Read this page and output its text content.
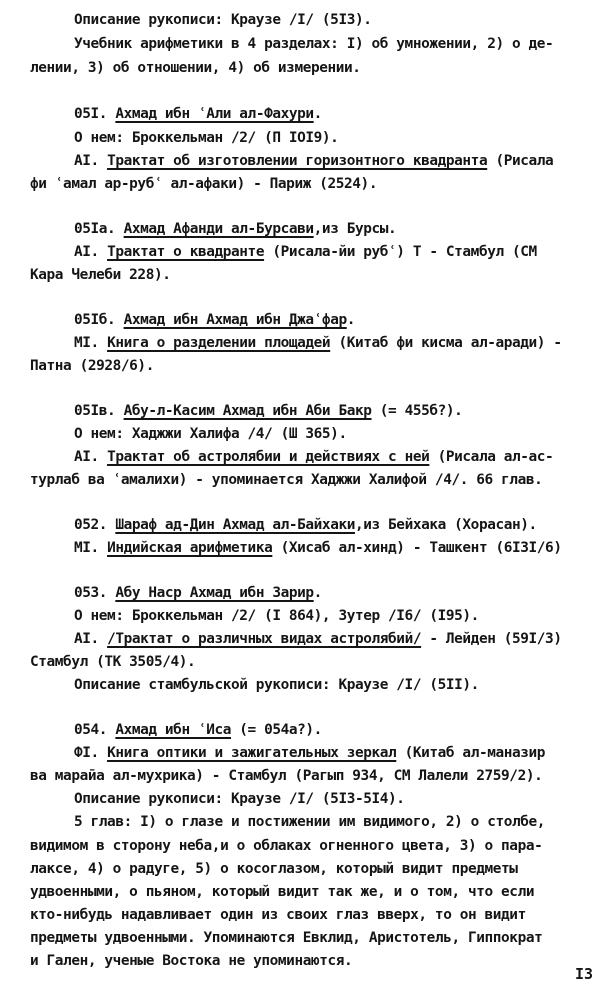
I3
Описание рукописи: Краузе /I/ (5I3).
Учебник арифметики в 4 разделах: I) об умножении, 2) о де-
лении, 3) об отношении, 4) об измерении.
05I. Ахмад ибн ʿАли ал-Фахури.
О нем: Броккельман /2/ (П IOI9).
AI. Трактат об изготовлении горизонтного квадранта (Рисала
фи ʿамал ар-рубʿ ал-афаки) - Париж (2524).
05Iа. Ахмад Афанди ал-Бурсави,из Бурсы.
AI. Трактат о квадранте (Рисала-йи рубʿ) Т - Стамбул (СМ
Кара Челеби 228).
05Iб. Ахмад ибн Ахмад ибн Джаʿфар.
MI. Книга о разделении площадей (Китаб фи кисма ал-аради) -
Патна (2928/6).
05Iв. Абу-л-Касим Ахмад ибн Аби Бакр (= 455б?).
О нем: Хаджжи Халифа /4/ (Ш 365).
AI. Трактат об астролябии и действиях с ней (Рисала ал-ас-
турлаб ва ʿамалихи) - упоминается Хаджжи Халифой /4/. 66 глав.
052. Шараф ад-Дин Ахмад ал-Байхаки,из Бейхака (Хорасан).
MI. Индийская арифметика (Хисаб ал-хинд) - Ташкент (6I3I/6)
053. Абу Наср Ахмад ибн Зарир.
О нем: Броккельман /2/ (I 864), Зутер /I6/ (I95).
AI. /Трактат о различных видах астролябий/ - Лейден (59I/3)
Стамбул (ТК 3505/4).
Описание стамбульской рукописи: Краузе /I/ (5II).
054. Ахмад ибн ʿИса (= 054а?).
ФI. Книга оптики и зажигательных зеркал (Китаб ал-маназир
ва мараӣа ал-мухрика) - Стамбул (Рагып 934, СМ Лалели 2759/2).
Описание рукописи: Краузе /I/ (5I3-5I4).
5 глав: I) о глазе и постижении им видимого, 2) о столбе,
видимом в сторону неба,и о облаках огненного цвета, 3) о пара-
лаксе, 4) о радуге, 5) о косоглазом, который видит предметы
удвоенными, о пьяном, который видит так же, и о том, что если
кто-нибудь надавливает один из своих глаз вверх, то он видит
предметы удвоенными. Упоминаются Евклид, Аристотель, Гиппократ
и Гален, ученые Востока не упоминаются.
